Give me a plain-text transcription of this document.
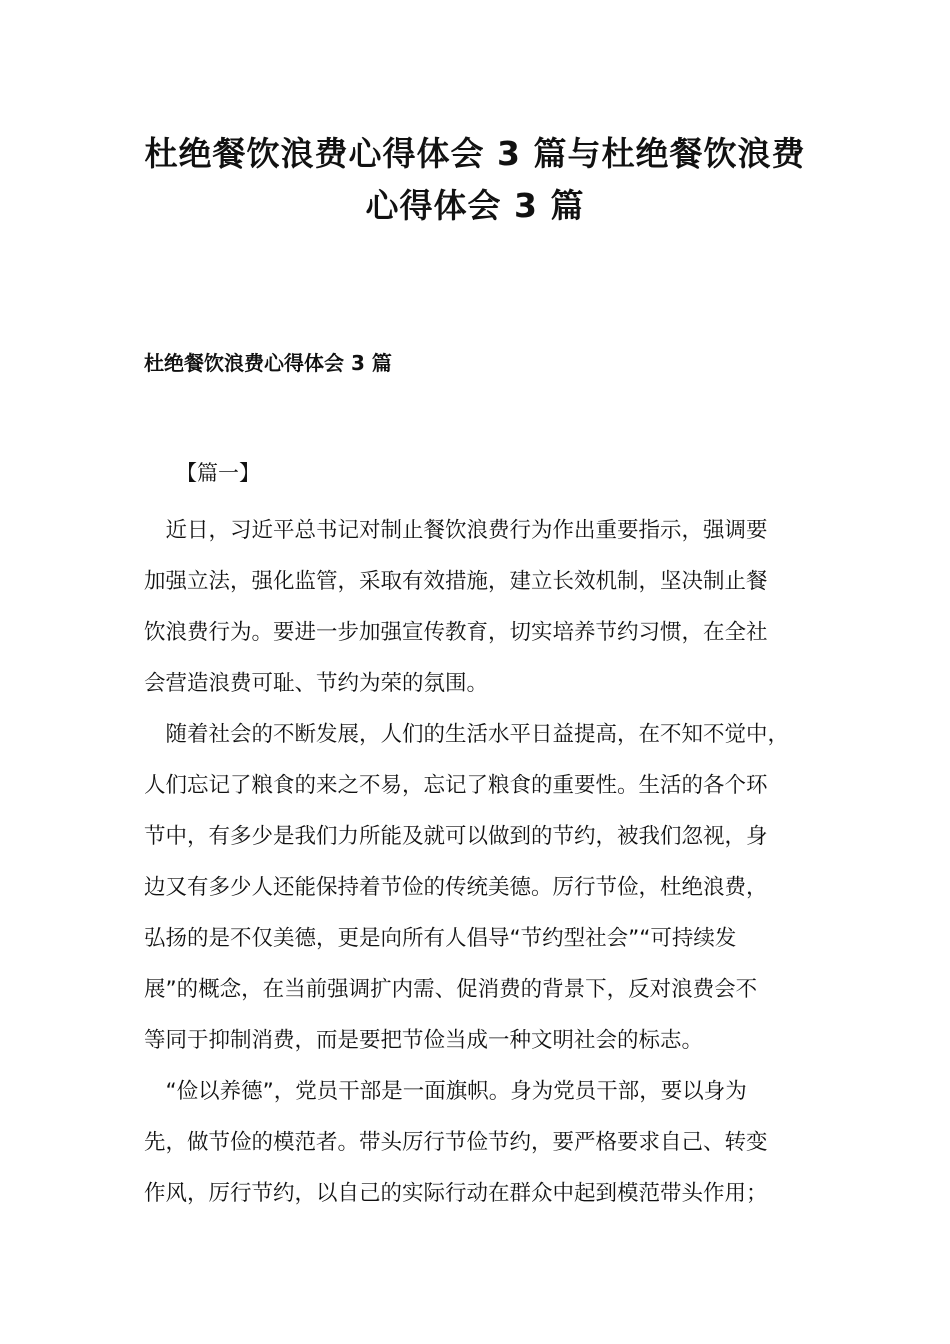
杜绝餐饮浪费心得体会 3 篇与杜绝餐饮浪费
心得体会 3 篇
杜绝餐饮浪费心得体会 3 篇

【篇一】

　近日，习近平总书记对制止餐饮浪费行为作出重要指示，强调要
加强立法，强化监管，采取有效措施，建立长效机制，坚决制止餐
饮浪费行为。要进一步加强宣传教育，切实培养节约习惯，在全社
会营造浪费可耻、节约为荣的氛围。

　随着社会的不断发展，人们的生活水平日益提高，在不知不觉中，
人们忘记了粮食的来之不易，忘记了粮食的重要性。生活的各个环
节中，有多少是我们力所能及就可以做到的节约，被我们忽视，身
边又有多少人还能保持着节俭的传统美德。厉行节俭，杜绝浪费，
弘扬的是不仅美德，更是向所有人倡导“节约型社会”“可持续发
展”的概念，在当前强调扩内需、促消费的背景下，反对浪费会不
等同于抑制消费，而是要把节俭当成一种文明社会的标志。

　“俭以养德”，党员干部是一面旗帜。身为党员干部，要以身为
先，做节俭的模范者。带头厉行节俭节约，要严格要求自己、转变
作风，厉行节约，以自己的实际行动在群众中起到模范带头作用；
